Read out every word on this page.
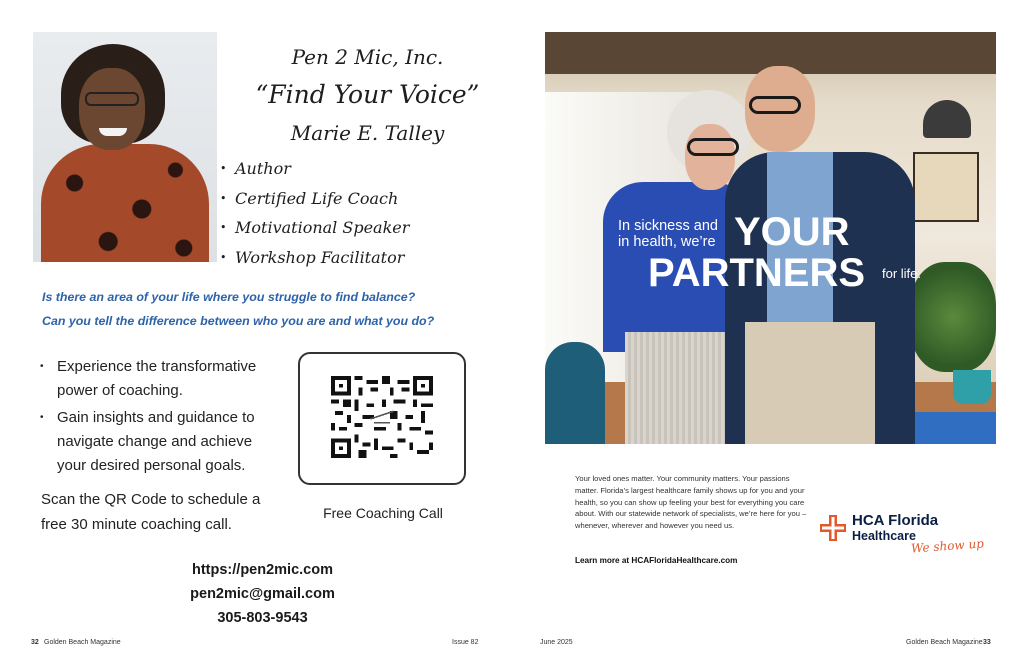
Pen 2 Mic, Inc.
“Find Your Voice”
Marie E. Talley
• Author
• Certified Life Coach
• Motivational Speaker
• Workshop Facilitator
Is there an area of your life where you struggle to find balance?
Can you tell the difference between who you are and what you do?
• Experience the transformative power of coaching.
• Gain insights and guidance to navigate change and achieve your desired personal goals.
Scan the QR Code to schedule a free 30 minute coaching call.
Free Coaching Call
https://pen2mic.com
pen2mic@gmail.com
305-803-9543
In sickness and
in health, we’re YOUR
PARTNERS for life.
Your loved ones matter. Your community matters. Your passions matter. Florida’s largest healthcare family shows up for you and your health, so you can show up feeling your best for everything you care about. With our statewide network of specialists, we’re here for you – whenever, wherever and however you need us.
Learn more at HCAFloridaHealthcare.com
HCA Florida
Healthcare
We show up
32 Golden Beach Magazine	Issue 82	June 2025	Golden Beach Magazine 33
